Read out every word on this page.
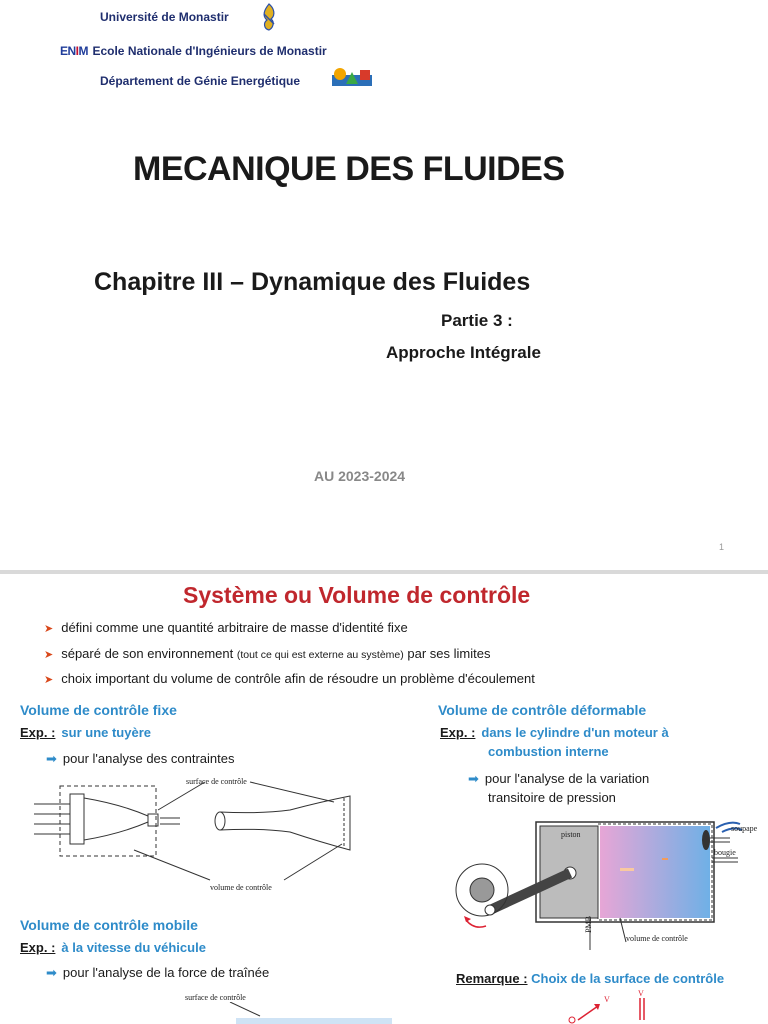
Université de Monastir
ENIM Ecole Nationale d'Ingénieurs de Monastir
Département de Génie Energétique
MECANIQUE DES FLUIDES
Chapitre III – Dynamique des Fluides
Partie 3 :
Approche Intégrale
AU 2023-2024
1
Système ou Volume de contrôle
➤ défini comme une quantité arbitraire de masse d'identité fixe
➤ séparé de son environnement (tout ce qui est externe au système) par ses limites
➤ choix important du volume de contrôle afin de résoudre un problème d'écoulement
Volume de contrôle fixe
Exp. : sur une tuyère
➡ pour l'analyse des contraintes
surface de contrôle
volume de contrôle
Volume de contrôle déformable
Exp. : dans le cylindre d'un moteur à
combustion interne
➡ pour l'analyse de la variation
transitoire de pression
piston
soupape
bougie
PMB
volume de contrôle
Volume de contrôle mobile
Exp. : à la vitesse du véhicule
➡ pour l'analyse de la force de traînée
surface de contrôle
Remarque : Choix de la surface de contrôle
V
V
